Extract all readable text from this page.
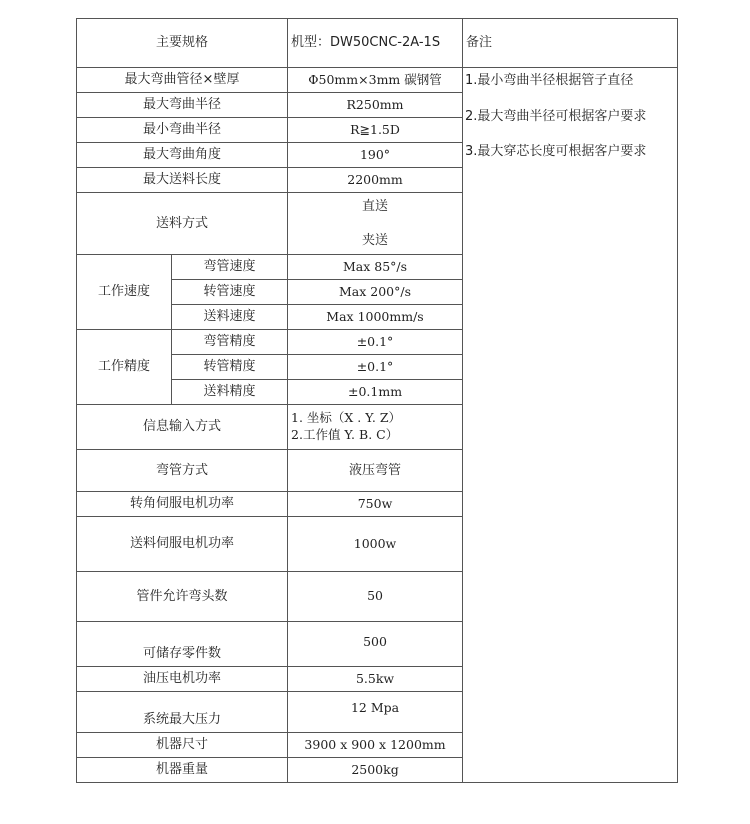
主要规格		机型：DW50CNC-2A-1S	备注
最大弯曲管径×壁厚		Φ50mm×3mm 碳钢管	1.最小弯曲半径根据管子直径
2.最大弯曲半径可根据客户要求
3.最大穿芯长度可根据客户要求

最大弯曲半径		R250mm	
最小弯曲半径		R≧1.5D	
最大弯曲角度		190°	
最大送料长度		2200mm	
送料方式		直送
夹送	

工作速度	弯管速度	Max 85°/s	
	转管速度	Max 200°/s	
	送料速度	Max 1000mm/s	
工作精度	弯管精度	±0.1°	
	转管精度	±0.1°	
	送料精度	±0.1mm	
信息输入方式		1. 坐标（X . Y. Z）
2.工作值 Y. B. C）	

弯管方式		液压弯管	
转角伺服电机功率		750w	
送料伺服电机功率		1000w	
管件允许弯头数		50	
可储存零件数		500	
油压电机功率		5.5kw	
系统最大压力		12 Mpa	
机器尺寸		3900 x 900 x 1200mm	
机器重量		2500kg	
